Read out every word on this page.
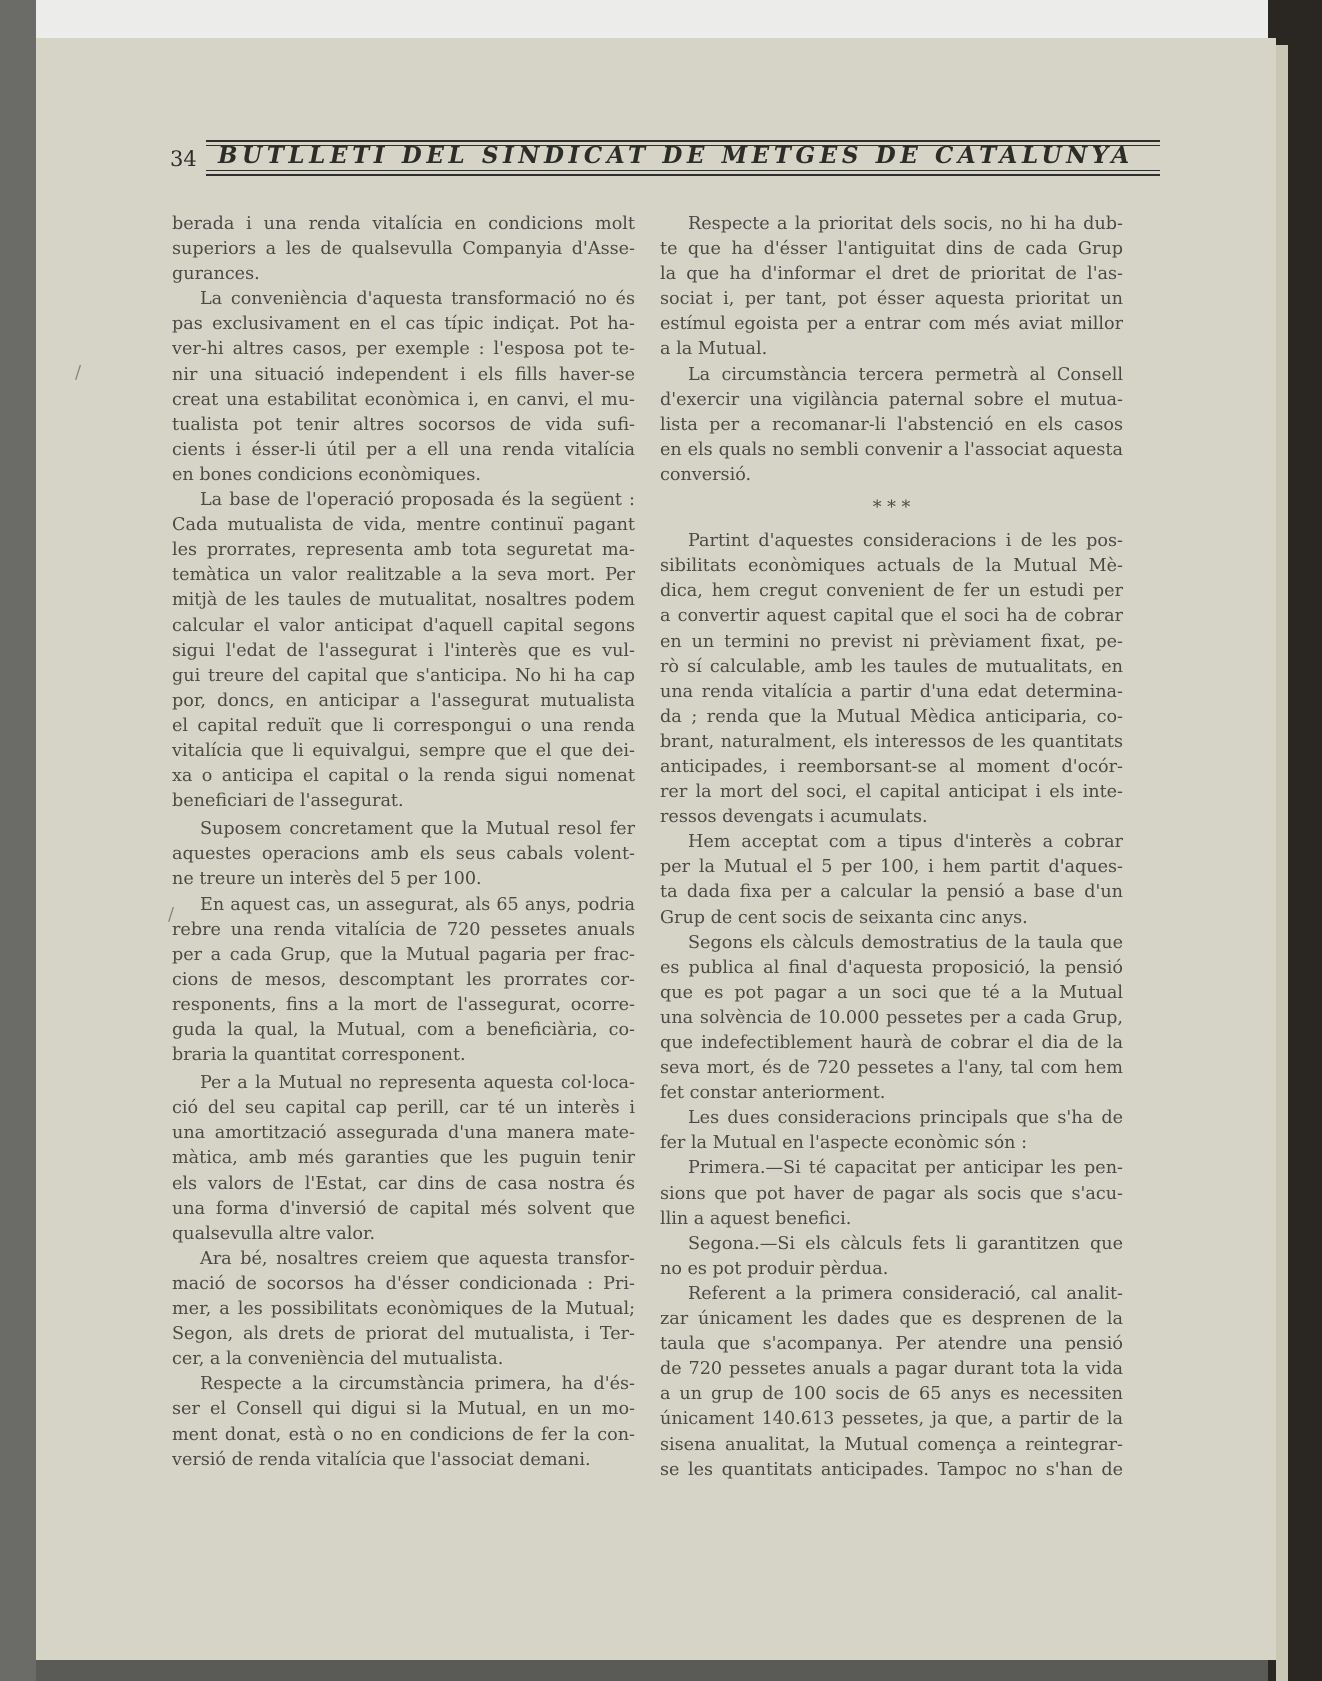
34 BUTLLETI DEL SINDICAT DE METGES DE CATALUNYA
berada i una renda vitalícia en condicions molt
superiors a les de qualsevulla Companyia d'Asse-
gurances.
La conveniència d'aquesta transformació no és
pas exclusivament en el cas típic indiçat. Pot ha-
ver-hi altres casos, per exemple : l'esposa pot te-
nir una situació independent i els fills haver-se
creat una estabilitat econòmica i, en canvi, el mu-
tualista pot tenir altres socorsos de vida sufi-
cients i ésser-li útil per a ell una renda vitalícia
en bones condicions econòmiques.
La base de l'operació proposada és la següent :
Cada mutualista de vida, mentre continuï pagant
les prorrates, representa amb tota seguretat ma-
temàtica un valor realitzable a la seva mort. Per
mitjà de les taules de mutualitat, nosaltres podem
calcular el valor anticipat d'aquell capital segons
sigui l'edat de l'assegurat i l'interès que es vul-
gui treure del capital que s'anticipa. No hi ha cap
por, doncs, en anticipar a l'assegurat mutualista
el capital reduït que li correspongui o una renda
vitalícia que li equivalgui, sempre que el que dei-
xa o anticipa el capital o la renda sigui nomenat
beneficiari de l'assegurat.
Suposem concretament que la Mutual resol fer
aquestes operacions amb els seus cabals volent-
ne treure un interès del 5 per 100.
En aquest cas, un assegurat, als 65 anys, podria
rebre una renda vitalícia de 720 pessetes anuals
per a cada Grup, que la Mutual pagaria per frac-
cions de mesos, descomptant les prorrates cor-
responents, fins a la mort de l'assegurat, ocorre-
guda la qual, la Mutual, com a beneficiària, co-
braria la quantitat corresponent.
Per a la Mutual no representa aquesta col·loca-
ció del seu capital cap perill, car té un interès i
una amortització assegurada d'una manera mate-
màtica, amb més garanties que les puguin tenir
els valors de l'Estat, car dins de casa nostra és
una forma d'inversió de capital més solvent que
qualsevulla altre valor.
Ara bé, nosaltres creiem que aquesta transfor-
mació de socorsos ha d'ésser condicionada : Pri-
mer, a les possibilitats econòmiques de la Mutual;
Segon, als drets de priorat del mutualista, i Ter-
cer, a la conveniència del mutualista.
Respecte a la circumstància primera, ha d'és-
ser el Consell qui digui si la Mutual, en un mo-
ment donat, està o no en condicions de fer la con-
versió de renda vitalícia que l'associat demani.
Respecte a la prioritat dels socis, no hi ha dub-
te que ha d'ésser l'antiguitat dins de cada Grup
la que ha d'informar el dret de prioritat de l'as-
sociat i, per tant, pot ésser aquesta prioritat un
estímul egoista per a entrar com més aviat millor
a la Mutual.
La circumstància tercera permetrà al Consell
d'exercir una vigilància paternal sobre el mutua-
lista per a recomanar-li l'abstenció en els casos
en els quals no sembli convenir a l'associat aquesta
conversió.
* * *
Partint d'aquestes consideracions i de les pos-
sibilitats econòmiques actuals de la Mutual Mè-
dica, hem cregut convenient de fer un estudi per
a convertir aquest capital que el soci ha de cobrar
en un termini no previst ni prèviament fixat, pe-
rò sí calculable, amb les taules de mutualitats, en
una renda vitalícia a partir d'una edat determina-
da ; renda que la Mutual Mèdica anticiparia, co-
brant, naturalment, els interessos de les quantitats
anticipades, i reemborsant-se al moment d'ocór-
rer la mort del soci, el capital anticipat i els inte-
ressos devengats i acumulats.
Hem acceptat com a tipus d'interès a cobrar
per la Mutual el 5 per 100, i hem partit d'aques-
ta dada fixa per a calcular la pensió a base d'un
Grup de cent socis de seixanta cinc anys.
Segons els càlculs demostratius de la taula que
es publica al final d'aquesta proposició, la pensió
que es pot pagar a un soci que té a la Mutual
una solvència de 10.000 pessetes per a cada Grup,
que indefectiblement haurà de cobrar el dia de la
seva mort, és de 720 pessetes a l'any, tal com hem
fet constar anteriorment.
Les dues consideracions principals que s'ha de
fer la Mutual en l'aspecte econòmic són :
Primera.—Si té capacitat per anticipar les pen-
sions que pot haver de pagar als socis que s'acu-
llin a aquest benefici.
Segona.—Si els càlculs fets li garantitzen que
no es pot produir pèrdua.
Referent a la primera consideració, cal analit-
zar únicament les dades que es desprenen de la
taula que s'acompanya. Per atendre una pensió
de 720 pessetes anuals a pagar durant tota la vida
a un grup de 100 socis de 65 anys es necessiten
únicament 140.613 pessetes, ja que, a partir de la
sisena anualitat, la Mutual comença a reintegrar-
se les quantitats anticipades. Tampoc no s'han de
/
/
